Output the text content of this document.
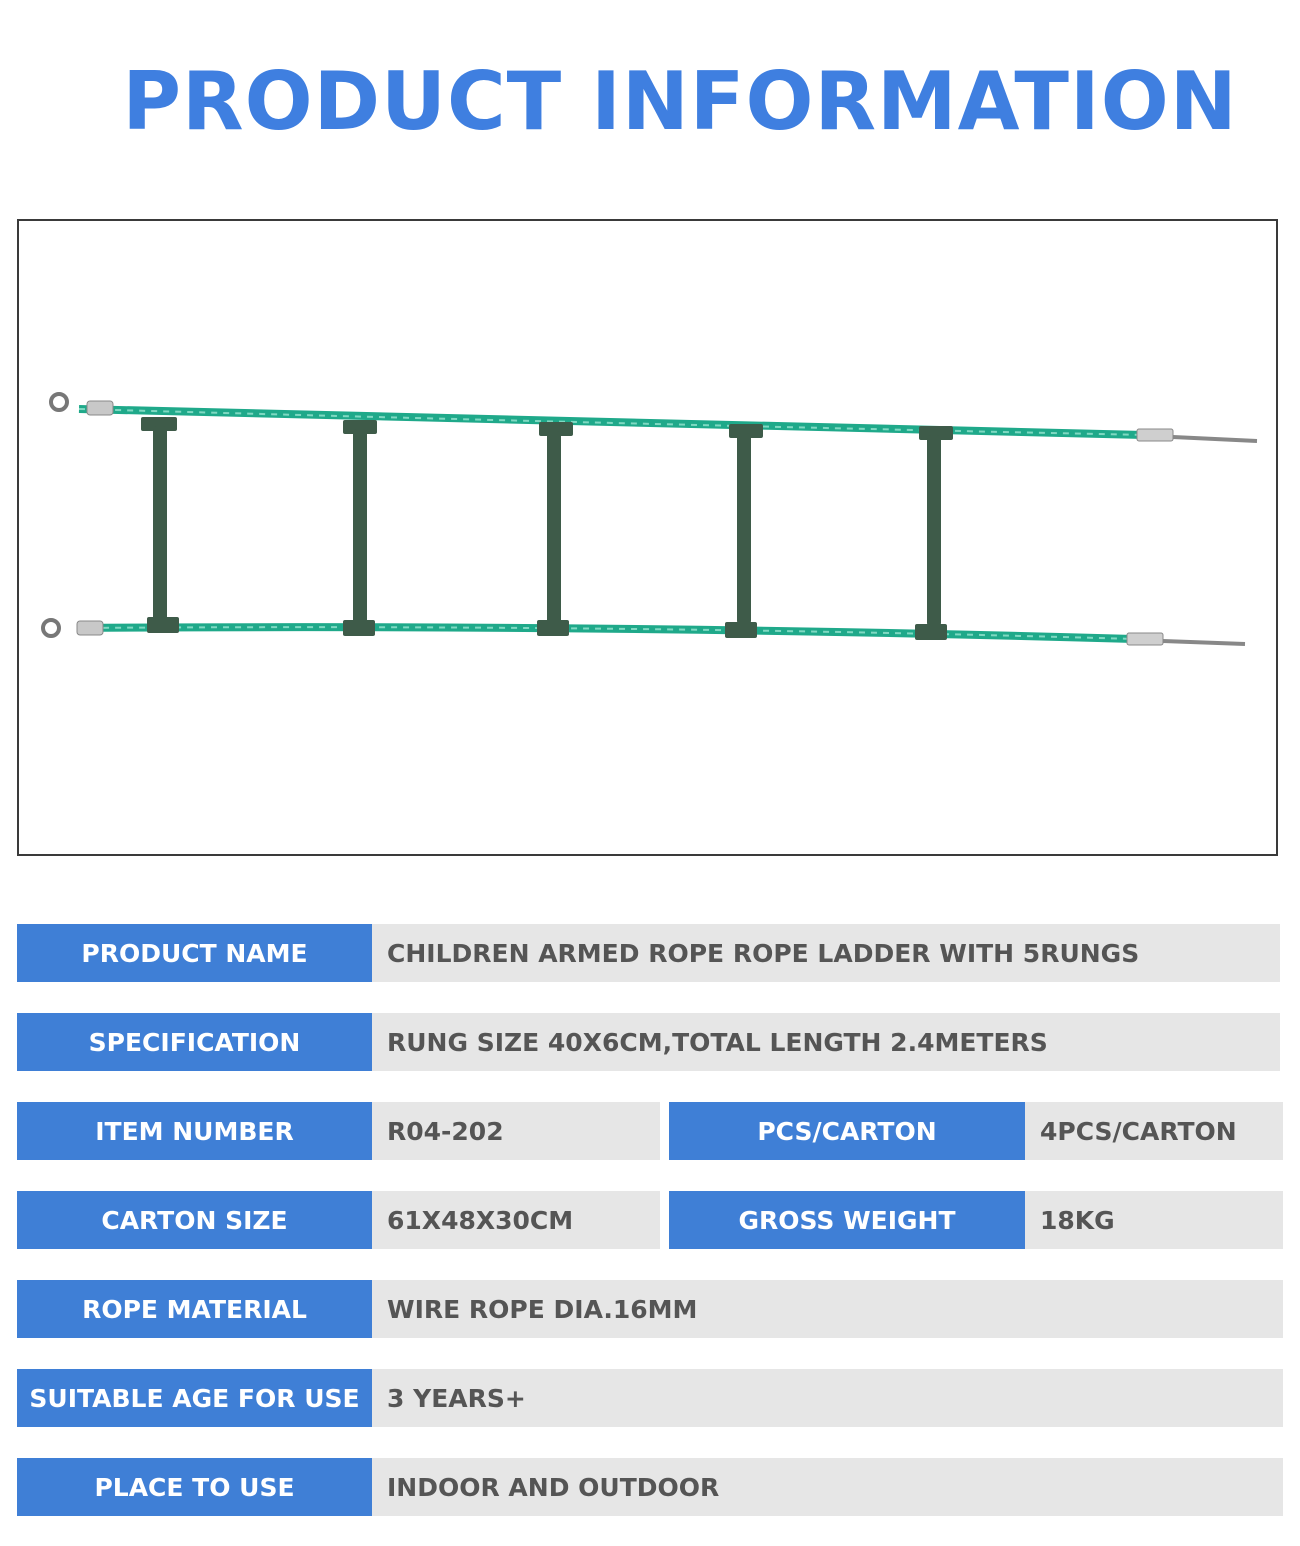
PRODUCT INFORMATION
PRODUCT NAME	CHILDREN ARMED ROPE ROPE LADDER WITH 5RUNGS
SPECIFICATION	RUNG SIZE 40X6CM,TOTAL LENGTH 2.4METERS
ITEM NUMBER	R04-202	PCS/CARTON	4PCS/CARTON
CARTON SIZE	61X48X30CM	GROSS WEIGHT	18KG
ROPE MATERIAL	WIRE ROPE DIA.16MM
SUITABLE AGE FOR USE	3 YEARS+
PLACE TO USE	INDOOR AND OUTDOOR
